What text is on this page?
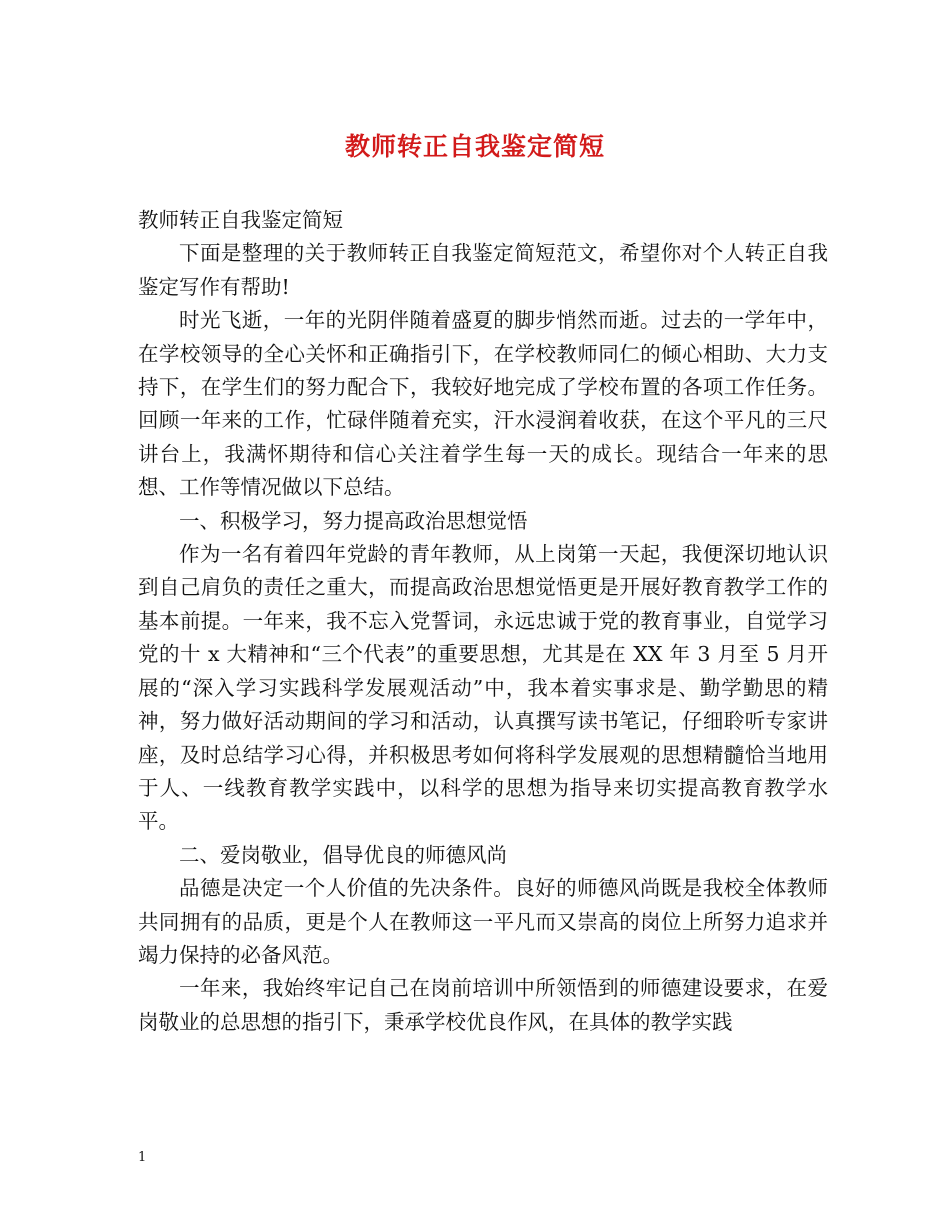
教师转正自我鉴定简短

教师转正自我鉴定简短

下面是整理的关于教师转正自我鉴定简短范文，希望你对个人转正自我鉴定写作有帮助!

时光飞逝，一年的光阴伴随着盛夏的脚步悄然而逝。过去的一学年中，在学校领导的全心关怀和正确指引下，在学校教师同仁的倾心相助、大力支持下，在学生们的努力配合下，我较好地完成了学校布置的各项工作任务。回顾一年来的工作，忙碌伴随着充实，汗水浸润着收获，在这个平凡的三尺讲台上，我满怀期待和信心关注着学生每一天的成长。现结合一年来的思想、工作等情况做以下总结。

一、积极学习，努力提高政治思想觉悟

作为一名有着四年党龄的青年教师，从上岗第一天起，我便深切地认识到自己肩负的责任之重大，而提高政治思想觉悟更是开展好教育教学工作的基本前提。一年来，我不忘入党誓词，永远忠诚于党的教育事业，自觉学习党的十 x 大精神和“三个代表”的重要思想，尤其是在 XX 年 3 月至 5 月开展的“深入学习实践科学发展观活动”中，我本着实事求是、勤学勤思的精神，努力做好活动期间的学习和活动，认真撰写读书笔记，仔细聆听专家讲座，及时总结学习心得，并积极思考如何将科学发展观的思想精髓恰当地用于人、一线教育教学实践中，以科学的思想为指导来切实提高教育教学水平。

二、爱岗敬业，倡导优良的师德风尚

品德是决定一个人价值的先决条件。良好的师德风尚既是我校全体教师共同拥有的品质，更是个人在教师这一平凡而又崇高的岗位上所努力追求并竭力保持的必备风范。

一年来，我始终牢记自己在岗前培训中所领悟到的师德建设要求，在爱岗敬业的总思想的指引下，秉承学校优良作风，在具体的教学实践

1
